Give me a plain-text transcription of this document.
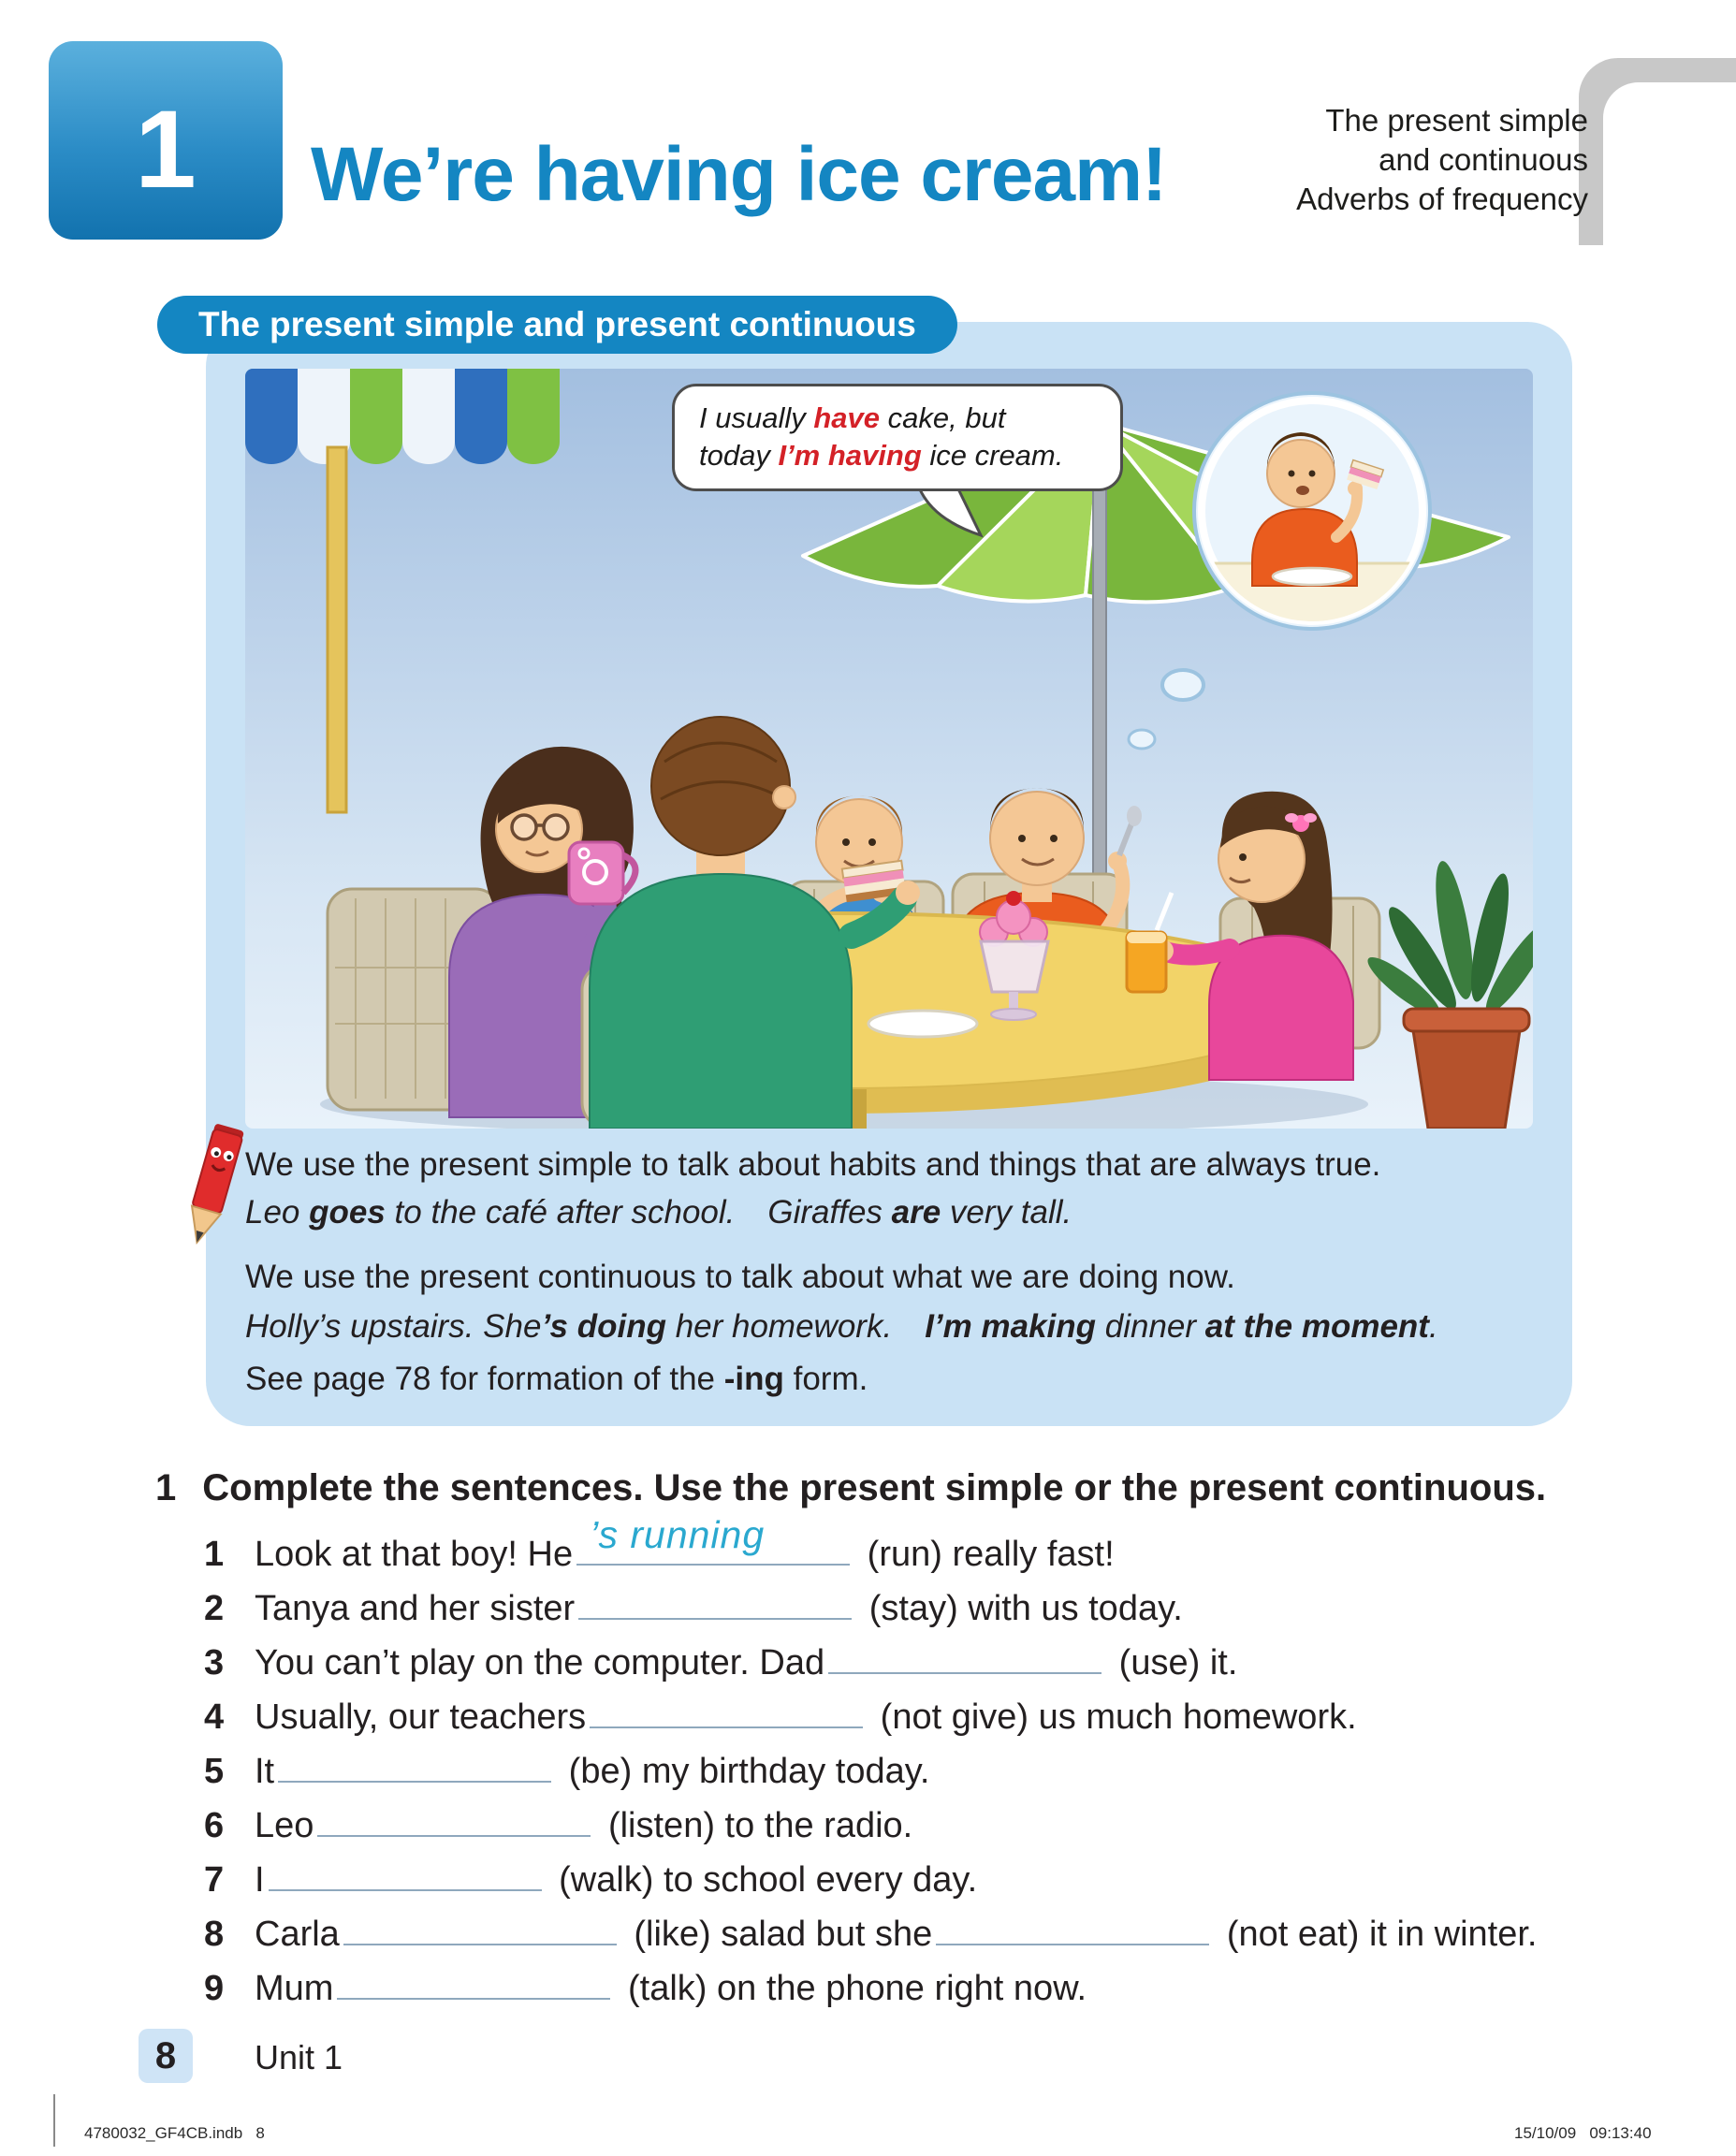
1 We’re having ice cream!
The present simple
and continuous
Adverbs of frequency
The present simple and present continuous
I usually have cake, but
today I’m having ice cream.

We use the present simple to talk about habits and things that are always true.

Leo goes to the café after school. Giraffes are very tall.

We use the present continuous to talk about what we are doing now.

Holly’s upstairs. She’s doing her homework. I’m making dinner at the moment.

See page 78 for formation of the -ing form.

1 Complete the sentences. Use the present simple or the present continuous.
1 Look at that boy! He ’s running	(run) really fast!
2 Tanya and her sister	(stay) with us today.
3 You can’t play on the computer. Dad	(use) it.
4 Usually, our teachers	(not give) us much homework.
5 It	(be) my birthday today.
6 Leo	(listen) to the radio.
7 I	(walk) to school every day.
8 Carla	(like) salad but she	(not eat) it in winter.
9 Mum	(talk) on the phone right now.
8 Unit 1
4780032_GF4CB.indb   8	15/10/09   09:13:40
